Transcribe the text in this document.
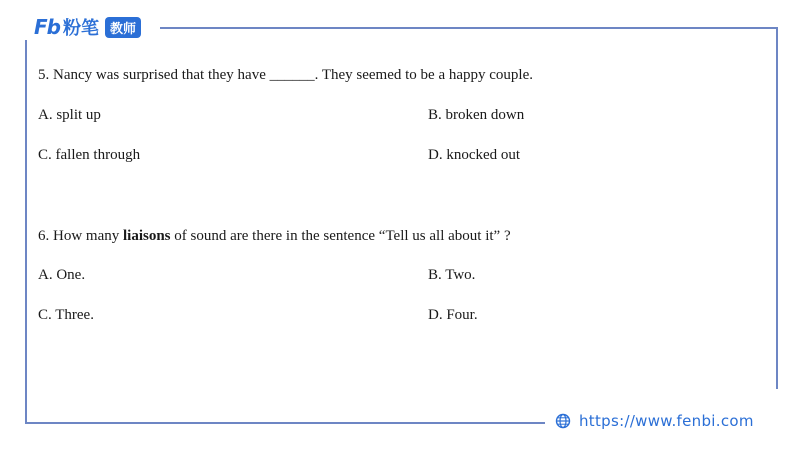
Fb 粉笔 教师
5. Nancy was surprised that they have ______. They seemed to be a happy couple.
A. split up	B. broken down
C. fallen through	D. knocked out
6. How many liaisons of sound are there in the sentence “Tell us all about it” ?
A. One.	B. Two.
C. Three.	D. Four.
https://www.fenbi.com
